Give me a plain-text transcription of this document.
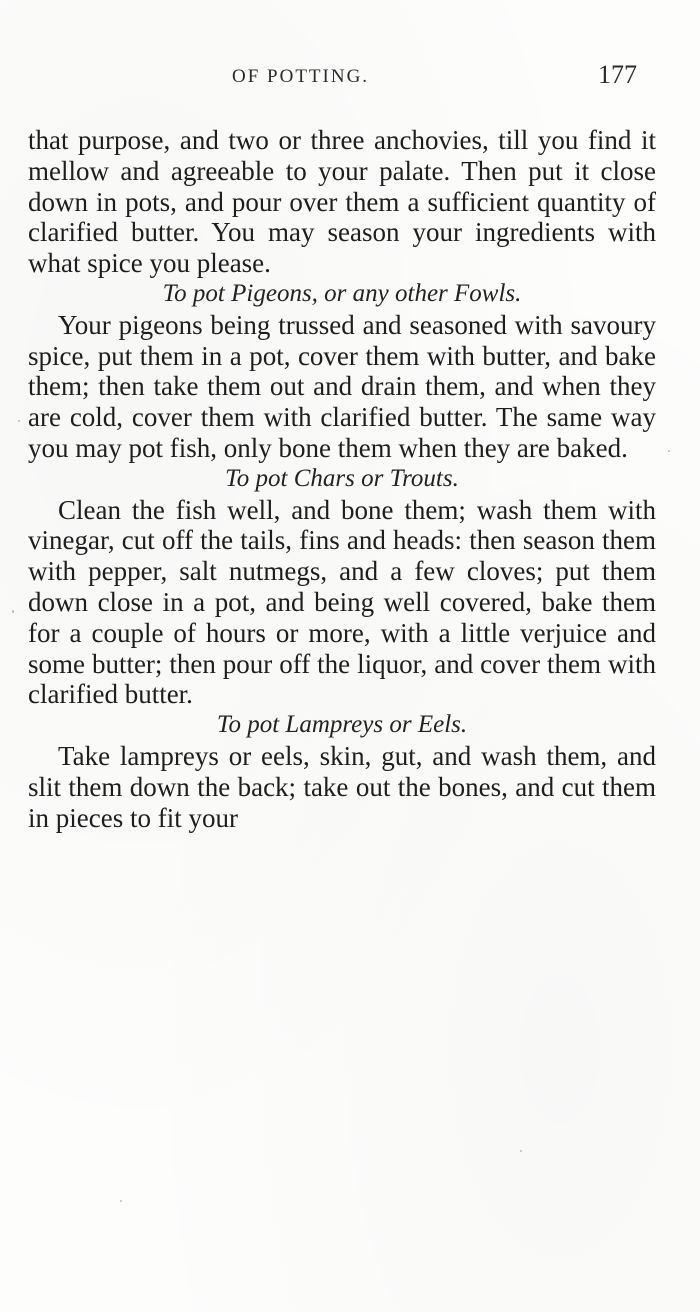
OF POTTING.	177

that purpose, and two or three anchovies, till you find it mellow and agreeable to your palate. Then put it close down in pots, and pour over them a sufficient quantity of clarified butter. You may season your ingredients with what spice you please.

To pot Pigeons, or any other Fowls.

Your pigeons being trussed and seasoned with savoury spice, put them in a pot, cover them with butter, and bake them; then take them out and drain them, and when they are cold, cover them with clarified butter. The same way you may pot fish, only bone them when they are baked.

To pot Chars or Trouts.

Clean the fish well, and bone them; wash them with vinegar, cut off the tails, fins and heads: then season them with pepper, salt nutmegs, and a few cloves; put them down close in a pot, and being well covered, bake them for a couple of hours or more, with a little verjuice and some butter; then pour off the liquor, and cover them with clarified butter.

To pot Lampreys or Eels.

Take lampreys or eels, skin, gut, and wash them, and slit them down the back; take out the bones, and cut them in pieces to fit your
